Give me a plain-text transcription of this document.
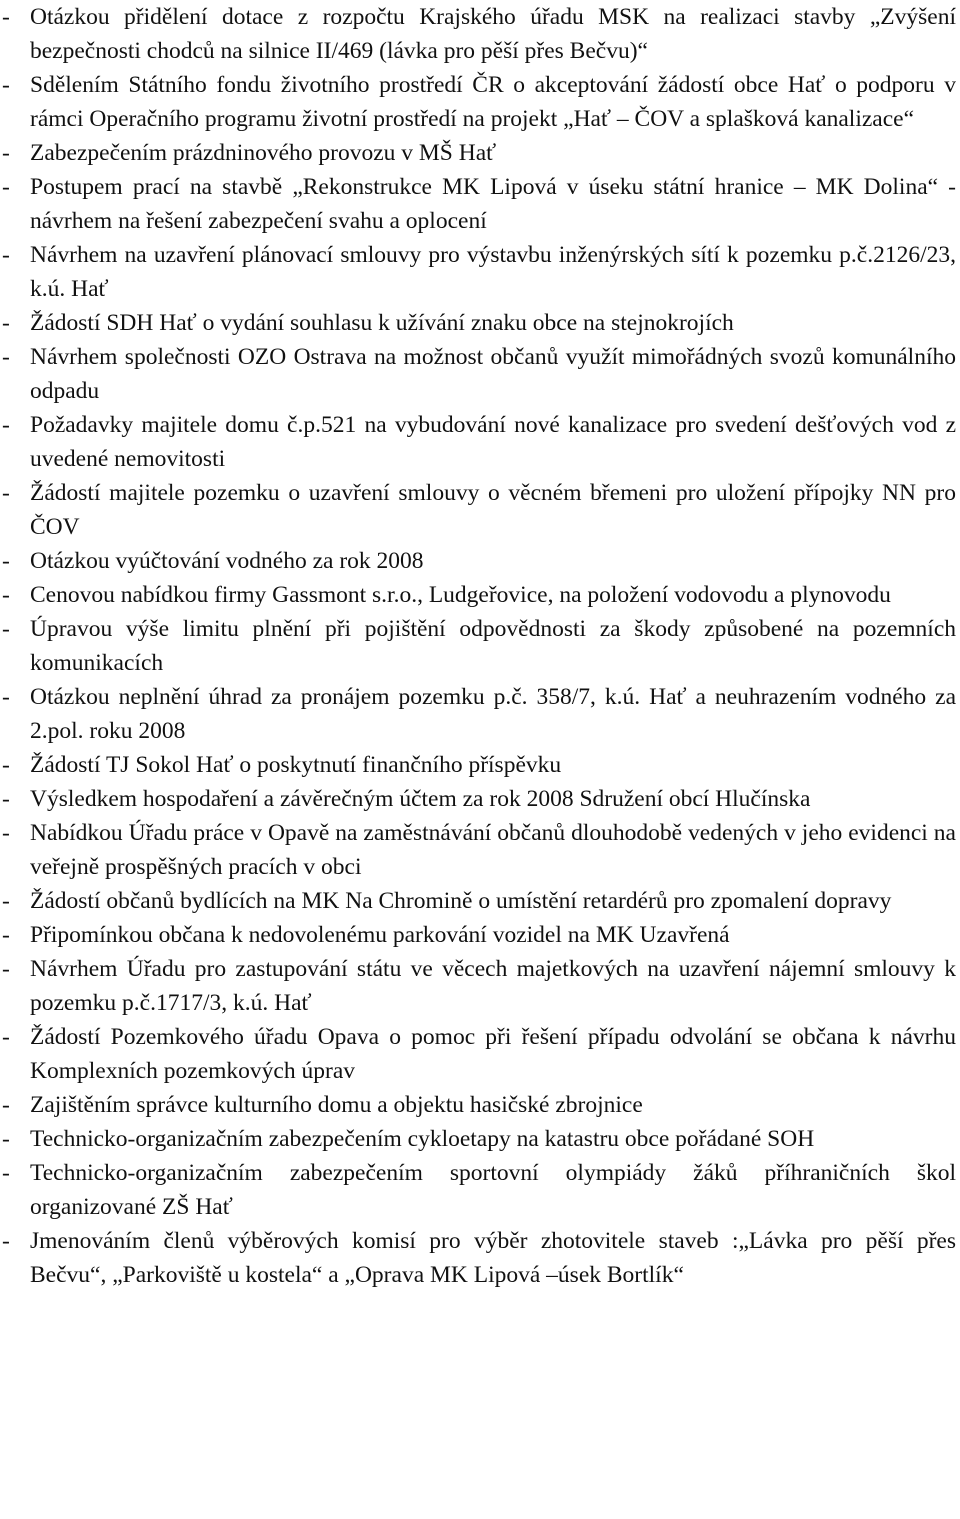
- Otázkou přidělení dotace z rozpočtu Krajského úřadu MSK na realizaci stavby „Zvýšení bezpečnosti chodců na silnice II/469 (lávka pro pěší přes Bečvu)“
- Sdělením Státního fondu životního prostředí ČR o akceptování žádostí obce Hať o podporu v rámci Operačního programu životní prostředí na projekt „Hať – ČOV a splašková kanalizace“
- Zabezpečením prázdninového provozu v MŠ Hať
- Postupem prací na stavbě „Rekonstrukce MK Lipová v úseku státní hranice – MK Dolina“ - návrhem na řešení zabezpečení svahu a oplocení
- Návrhem na uzavření plánovací smlouvy pro výstavbu inženýrských sítí k pozemku p.č.2126/23, k.ú. Hať
- Žádostí SDH Hať o vydání souhlasu k užívání znaku obce na stejnokrojích
- Návrhem společnosti OZO Ostrava na možnost občanů využít mimořádných svozů komunálního odpadu
- Požadavky majitele domu č.p.521 na vybudování nové kanalizace pro svedení dešťových vod z uvedené nemovitosti
- Žádostí majitele pozemku o uzavření smlouvy o věcném břemeni pro uložení přípojky NN pro ČOV
- Otázkou vyúčtování vodného za rok 2008
- Cenovou nabídkou firmy Gassmont s.r.o., Ludgeřovice, na položení vodovodu a plynovodu
- Úpravou výše limitu plnění při pojištění odpovědnosti za škody způsobené na pozemních komunikacích
- Otázkou neplnění úhrad za pronájem pozemku p.č. 358/7, k.ú. Hať a neuhrazením vodného za 2.pol. roku 2008
- Žádostí TJ Sokol Hať o poskytnutí finančního příspěvku
- Výsledkem hospodaření a závěrečným účtem za rok 2008 Sdružení obcí Hlučínska
- Nabídkou Úřadu práce v Opavě na zaměstnávání občanů dlouhodobě vedených v jeho evidenci na veřejně prospěšných pracích v obci
- Žádostí občanů bydlících na MK Na Chromině o umístění retardérů pro zpomalení dopravy
- Připomínkou občana k nedovolenému parkování vozidel na MK Uzavřená
- Návrhem Úřadu pro zastupování státu ve věcech majetkových na uzavření nájemní smlouvy k pozemku p.č.1717/3, k.ú. Hať
- Žádostí Pozemkového úřadu Opava o pomoc při řešení případu odvolání se občana k návrhu Komplexních pozemkových úprav
- Zajištěním správce kulturního domu a objektu hasičské zbrojnice
- Technicko-organizačním zabezpečením cykloetapy na katastru obce pořádané SOH
- Technicko-organizačním zabezpečením sportovní olympiády žáků příhraničních škol organizované ZŠ Hať
- Jmenováním členů výběrových komisí pro výběr zhotovitele staveb :„Lávka pro pěší přes Bečvu“, „Parkoviště u kostela“ a „Oprava MK Lipová –úsek Bortlík“
